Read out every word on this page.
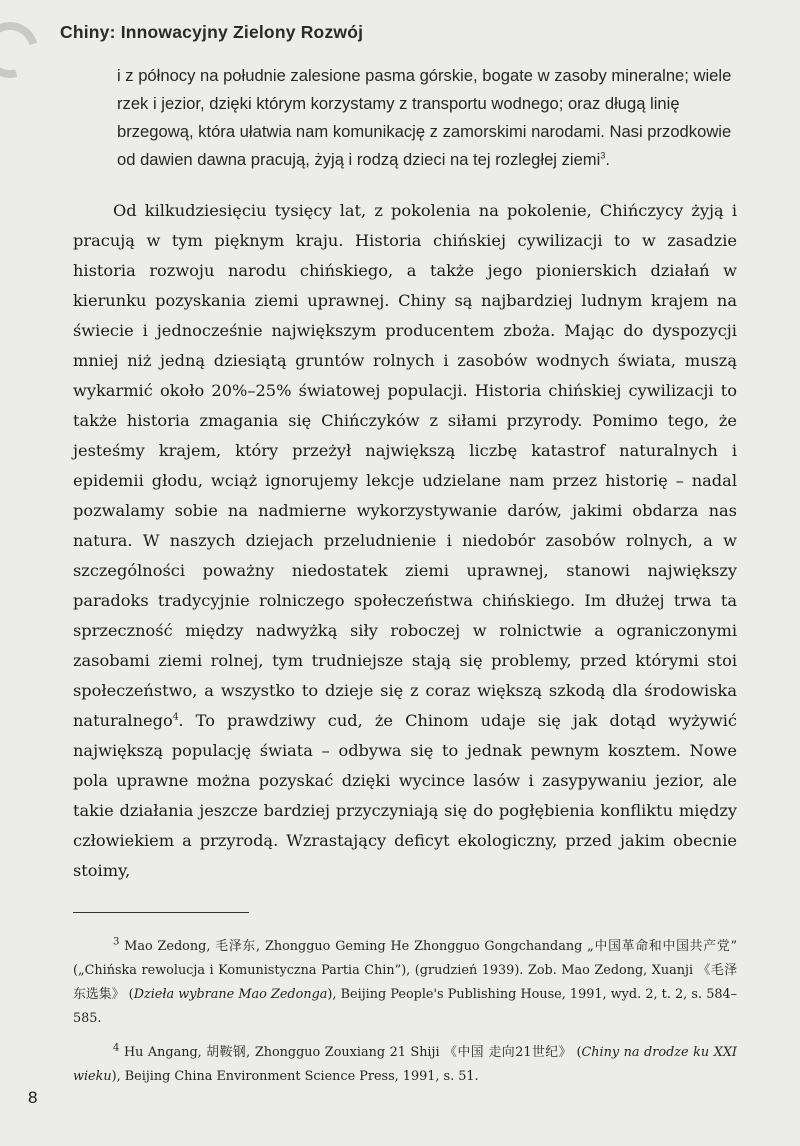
Chiny: Innowacyjny Zielony Rozwój

i z północy na południe zalesione pasma górskie, bogate w zasoby mineralne; wiele rzek i jezior, dzięki którym korzystamy z transportu wodnego; oraz długą linię brzegową, która ułatwia nam komunikację z zamorskimi narodami. Nasi przodkowie od dawien dawna pracują, żyją i rodzą dzieci na tej rozległej ziemi$^3$.

Od kilkudziesięciu tysięcy lat, z pokolenia na pokolenie, Chińczycy żyją i pracują w tym pięknym kraju. Historia chińskiej cywilizacji to w zasadzie historia rozwoju narodu chińskiego, a także jego pionierskich działań w kierunku pozyskania ziemi uprawnej. Chiny są najbardziej ludnym krajem na świecie i jednocześnie największym producentem zboża. Mając do dyspozycji mniej niż jedną dziesiątą gruntów rolnych i zasobów wodnych świata, muszą wykarmić około 20%–25% światowej populacji. Historia chińskiej cywilizacji to także historia zmagania się Chińczyków z siłami przyrody. Pomimo tego, że jesteśmy krajem, który przeżył największą liczbę katastrof naturalnych i epidemii głodu, wciąż ignorujemy lekcje udzielane nam przez historię – nadal pozwalamy sobie na nadmierne wykorzystywanie darów, jakimi obdarza nas natura. W naszych dziejach przeludnienie i niedobór zasobów rolnych, a w szczególności poważny niedostatek ziemi uprawnej, stanowi największy paradoks tradycyjnie rolniczego społeczeństwa chińskiego. Im dłużej trwa ta sprzeczność między nadwyżką siły roboczej w rolnictwie a ograniczonymi zasobami ziemi rolnej, tym trudniejsze stają się problemy, przed którymi stoi społeczeństwo, a wszystko to dzieje się z coraz większą szkodą dla środowiska naturalnego$^4$. To prawdziwy cud, że Chinom udaje się jak dotąd wyżywić największą populację świata – odbywa się to jednak pewnym kosztem. Nowe pola uprawne można pozyskać dzięki wycince lasów i zasypywaniu jezior, ale takie działania jeszcze bardziej przyczyniają się do pogłębienia konfliktu między człowiekiem a przyrodą. Wzrastający deficyt ekologiczny, przed jakim obecnie stoimy,

$^3$ Mao Zedong, 毛泽东, Zhongguo Geming He Zhongguo Gongchandang „中国革命和中国共产党” („Chińska rewolucja i Komunistyczna Partia Chin”), (grudzień 1939). Zob. Mao Zedong, Xuanji 《毛泽东选集》 (Dzieła wybrane Mao Zedonga), Beijing People's Publishing House, 1991, wyd. 2, t. 2, s. 584–585.

$^4$ Hu Angang, 胡鞍钢, Zhongguo Zouxiang 21 Shiji 《中国 走向21世纪》 (Chiny na drodze ku XXI wieku), Beijing China Environment Science Press, 1991, s. 51.

8
